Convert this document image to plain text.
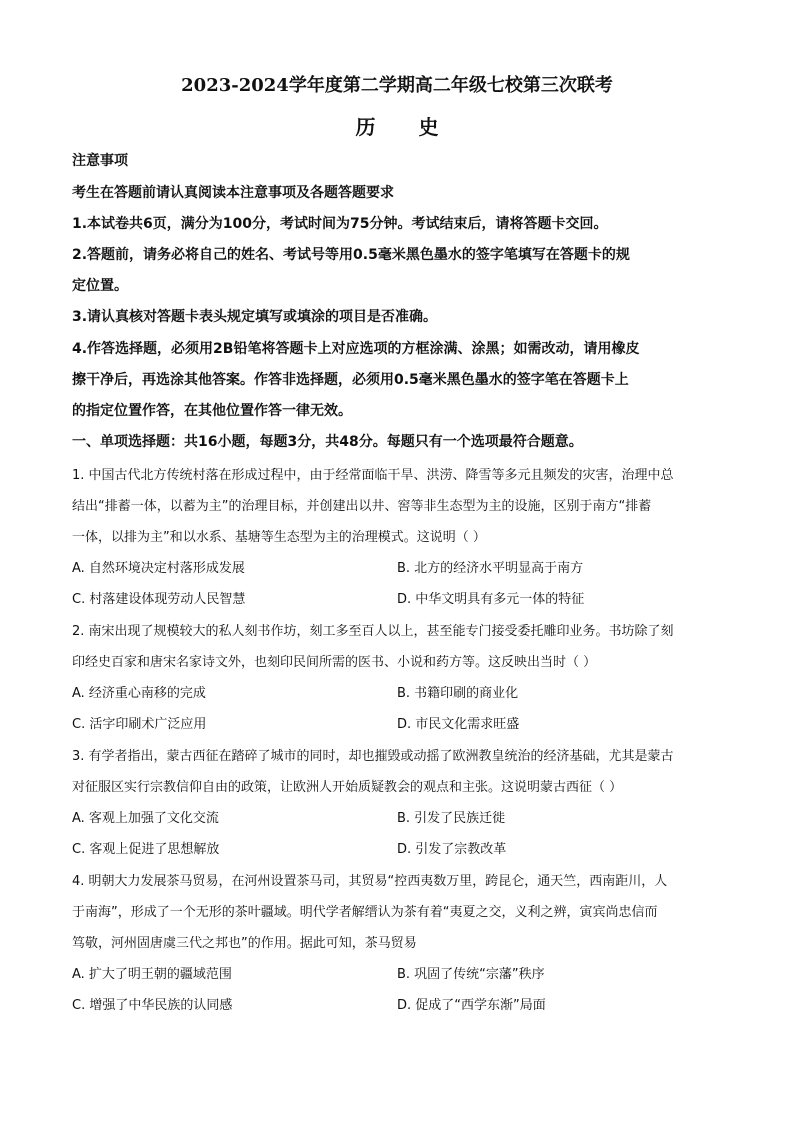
2023-2024学年度第二学期高二年级七校第三次联考
历 史
注意事项
考生在答题前请认真阅读本注意事项及各题答题要求
1.本试卷共6页，满分为100分，考试时间为75分钟。考试结束后，请将答题卡交回。
2.答题前，请务必将自己的姓名、考试号等用0.5毫米黑色墨水的签字笔填写在答题卡的规
定位置。
3.请认真核对答题卡表头规定填写或填涂的项目是否准确。
4.作答选择题，必须用2B铅笔将答题卡上对应选项的方框涂满、涂黑；如需改动，请用橡皮
擦干净后，再选涂其他答案。作答非选择题，必须用0.5毫米黑色墨水的签字笔在答题卡上
的指定位置作答，在其他位置作答一律无效。
一、单项选择题：共16小题，每题3分，共48分。每题只有一个选项最符合题意。
1. 中国古代北方传统村落在形成过程中，由于经常面临干旱、洪涝、降雪等多元且频发的灾害，治理中总
结出“排蓄一体，以蓄为主”的治理目标，并创建出以井、窖等非生态型为主的设施，区别于南方“排蓄
一体，以排为主”和以水系、基塘等生态型为主的治理模式。这说明（ ）
A. 自然环境决定村落形成发展	B. 北方的经济水平明显高于南方
C. 村落建设体现劳动人民智慧	D. 中华文明具有多元一体的特征
2. 南宋出现了规模较大的私人刻书作坊，刻工多至百人以上，甚至能专门接受委托雕印业务。书坊除了刻
印经史百家和唐宋名家诗文外，也刻印民间所需的医书、小说和药方等。这反映出当时（ ）
A. 经济重心南移的完成	B. 书籍印刷的商业化
C. 活字印刷术广泛应用	D. 市民文化需求旺盛
3. 有学者指出，蒙古西征在踏碎了城市的同时，却也摧毁或动摇了欧洲教皇统治的经济基础，尤其是蒙古
对征服区实行宗教信仰自由的政策，让欧洲人开始质疑教会的观点和主张。这说明蒙古西征（ ）
A. 客观上加强了文化交流	B. 引发了民族迁徙
C. 客观上促进了思想解放	D. 引发了宗教改革
4. 明朝大力发展茶马贸易，在河州设置茶马司，其贸易“控西夷数万里，跨昆仑，通天竺，西南距川，人
于南海”，形成了一个无形的茶叶疆域。明代学者解缙认为茶有着“夷夏之交，义利之辨，寅宾尚忠信而
笃敬，河州固唐虞三代之邦也”的作用。据此可知，茶马贸易
A. 扩大了明王朝的疆域范围	B. 巩固了传统“宗藩”秩序
C. 增强了中华民族的认同感	D. 促成了“西学东渐”局面
